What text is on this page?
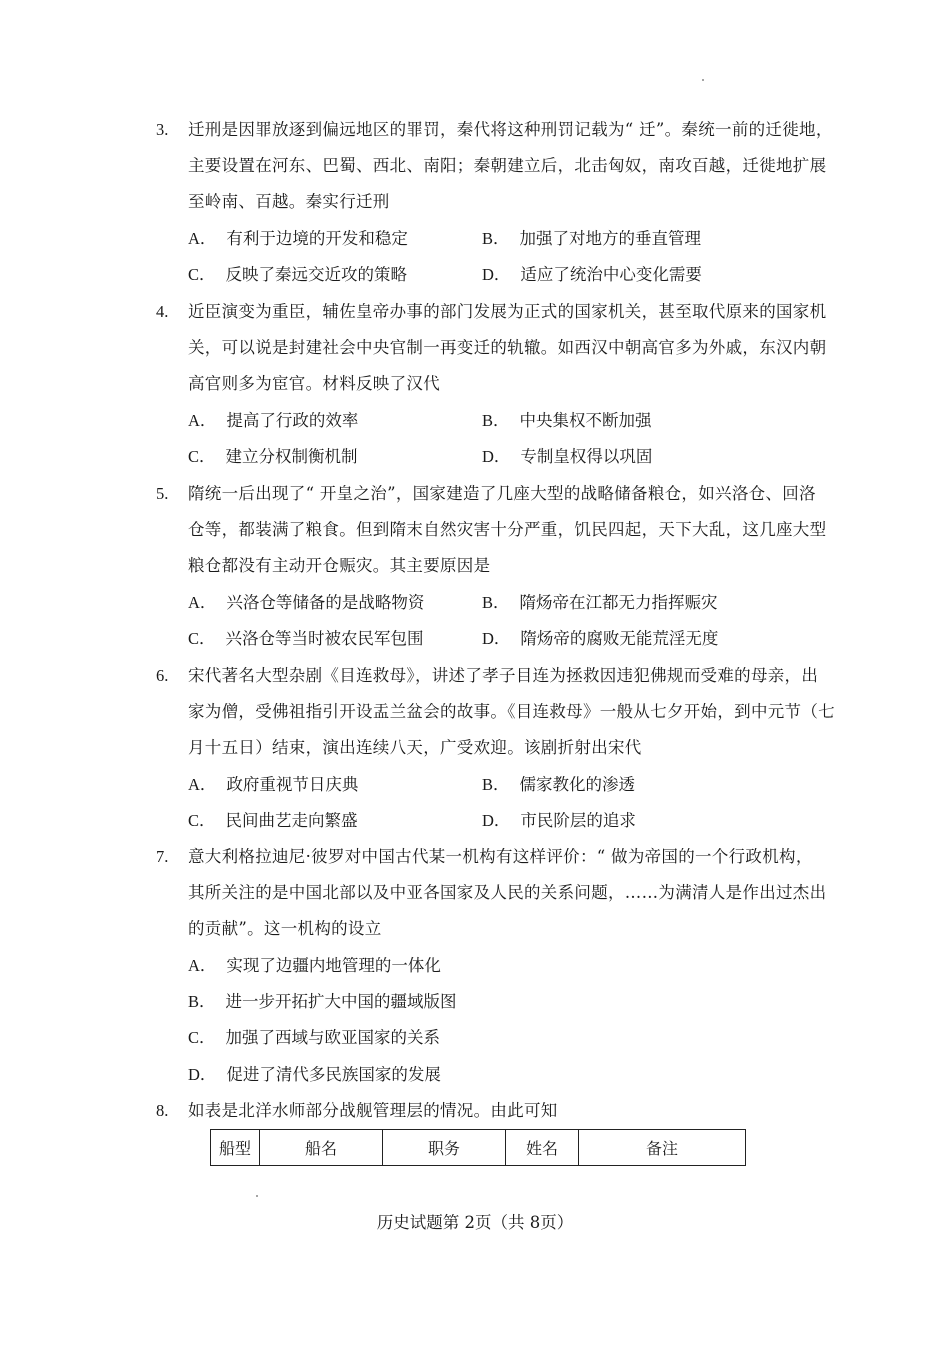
3. 迁刑是因罪放逐到偏远地区的罪罚，秦代将这种刑罚记载为“ 迁”。秦统一前的迁徙地，
主要设置在河东、巴蜀、西北、南阳；秦朝建立后，北击匈奴，南攻百越，迁徙地扩展
至岭南、百越。秦实行迁刑
A． 有利于边境的开发和稳定	B． 加强了对地方的垂直管理
C． 反映了秦远交近攻的策略	D． 适应了统治中心变化需要
4. 近臣演变为重臣，辅佐皇帝办事的部门发展为正式的国家机关，甚至取代原来的国家机
关，可以说是封建社会中央官制一再变迁的轨辙。如西汉中朝高官多为外戚，东汉内朝
高官则多为宦官。材料反映了汉代
A． 提高了行政的效率	B． 中央集权不断加强
C． 建立分权制衡机制	D． 专制皇权得以巩固
5. 隋统一后出现了“ 开皇之治”，国家建造了几座大型的战略储备粮仓，如兴洛仓、回洛
仓等，都装满了粮食。但到隋末自然灾害十分严重，饥民四起，天下大乱，这几座大型
粮仓都没有主动开仓赈灾。其主要原因是
A． 兴洛仓等储备的是战略物资	B． 隋炀帝在江都无力指挥赈灾
C． 兴洛仓等当时被农民军包围	D． 隋炀帝的腐败无能荒淫无度
6. 宋代著名大型杂剧《目连救母》，讲述了孝子目连为拯救因违犯佛规而受难的母亲，出
家为僧，受佛祖指引开设盂兰盆会的故事。《目连救母》一般从七夕开始，到中元节（七
月十五日）结束，演出连续八天，广受欢迎。该剧折射出宋代
A． 政府重视节日庆典	B． 儒家教化的渗透
C． 民间曲艺走向繁盛	D． 市民阶层的追求
7. 意大利格拉迪尼·彼罗对中国古代某一机构有这样评价：“ 做为帝国的一个行政机构，
其所关注的是中国北部以及中亚各国家及人民的关系问题，……为满清人是作出过杰出
的贡献”。这一机构的设立
A． 实现了边疆内地管理的一体化
B． 进一步开拓扩大中国的疆域版图
C． 加强了西域与欧亚国家的关系
D． 促进了清代多民族国家的发展
8. 如表是北洋水师部分战舰管理层的情况。由此可知
船型	船名	职务	姓名	备注
历史试题第 2页（共 8页）
